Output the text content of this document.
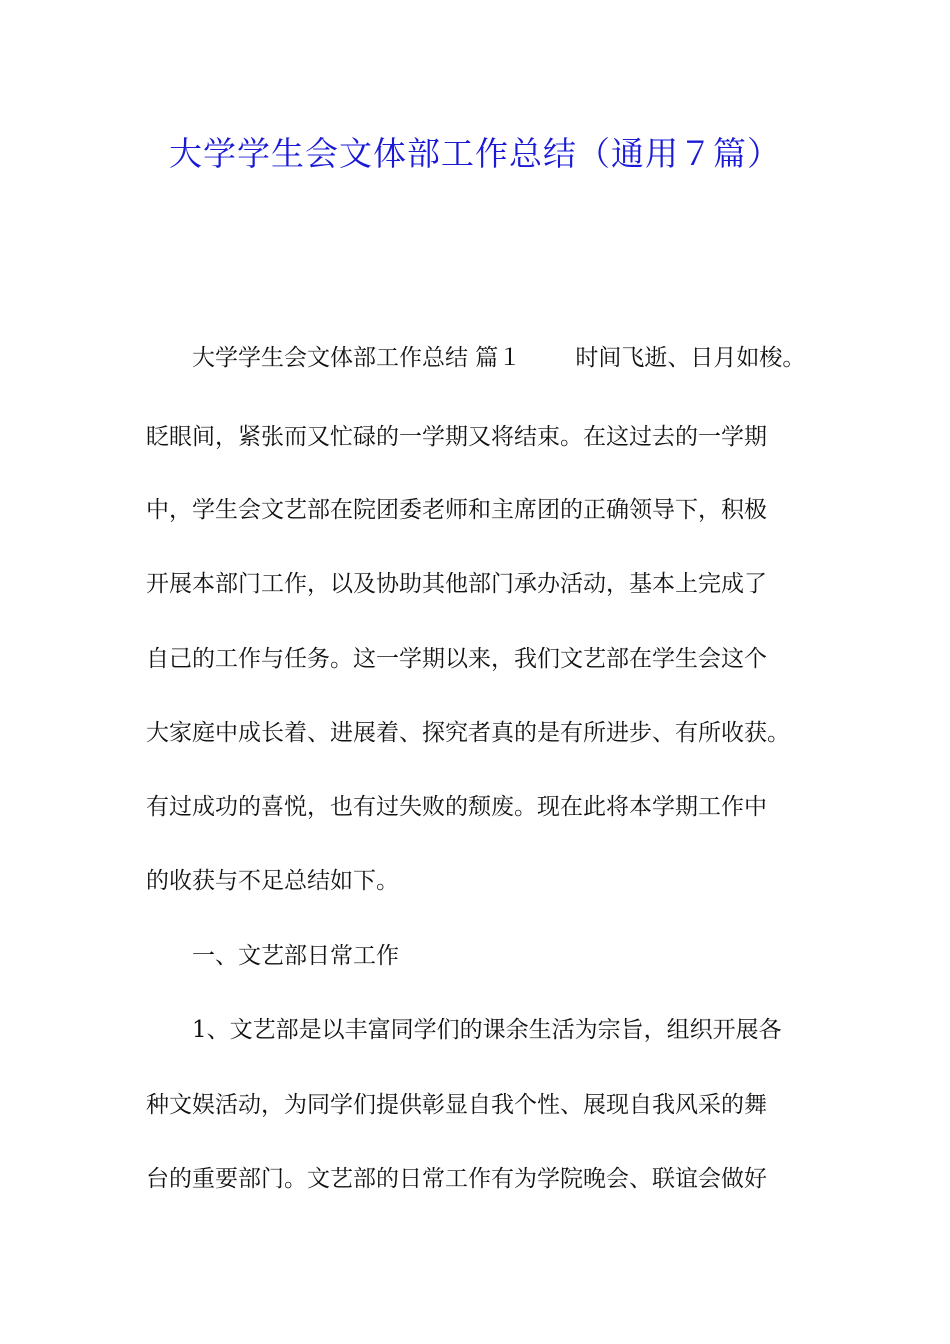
大学学生会文体部工作总结（通用７篇）
大学学生会文体部工作总结 篇１ 时间飞逝、日月如梭。
眨眼间，紧张而又忙碌的一学期又将结束。在这过去的一学期
中，学生会文艺部在院团委老师和主席团的正确领导下，积极
开展本部门工作，以及协助其他部门承办活动，基本上完成了
自己的工作与任务。这一学期以来，我们文艺部在学生会这个
大家庭中成长着、进展着、探究者真的是有所进步、有所收获。
有过成功的喜悦，也有过失败的颓废。现在此将本学期工作中
的收获与不足总结如下。
一、文艺部日常工作
1、文艺部是以丰富同学们的课余生活为宗旨，组织开展各
种文娱活动，为同学们提供彰显自我个性、展现自我风采的舞
台的重要部门。文艺部的日常工作有为学院晚会、联谊会做好
